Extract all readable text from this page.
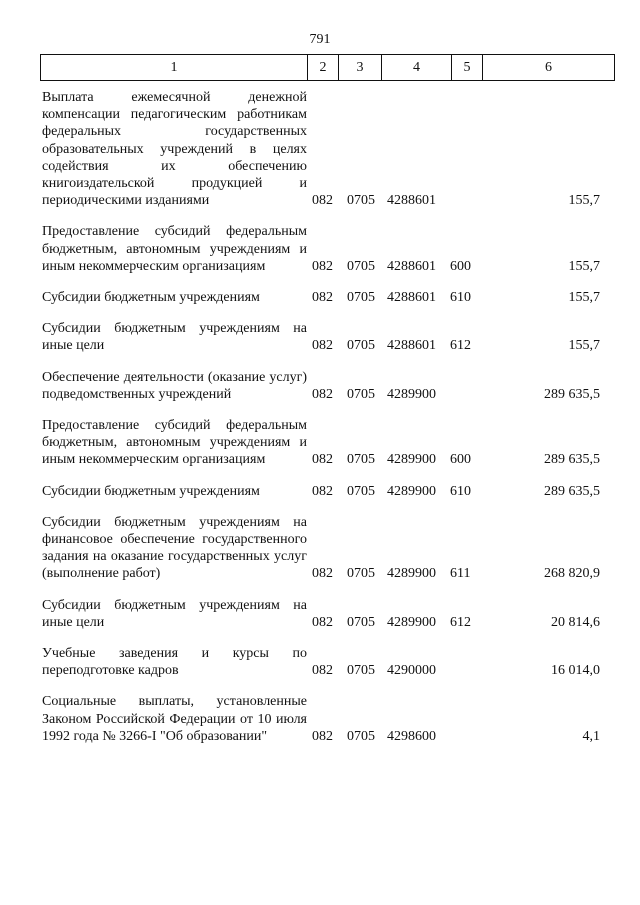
791
1	2	3	4	5	6
Выплата ежемесячной денежной компенсации педагогическим работникам федеральных государственных образовательных учреждений в целях содействия их обеспечению книгоиздательской продукцией и периодическими изданиями	082 0705 4288601	155,7
Предоставление субсидий федеральным бюджетным, автономным учреждениям и иным некоммерческим организациям	082 0705 4288601 600	155,7
Субсидии бюджетным учреждениям	082 0705 4288601 610	155,7
Субсидии бюджетным учреждениям на иные цели	082 0705 4288601 612	155,7
Обеспечение деятельности (оказание услуг) подведомственных учреждений	082 0705 4289900	289 635,5
Предоставление субсидий федеральным бюджетным, автономным учреждениям и иным некоммерческим организациям	082 0705 4289900 600	289 635,5
Субсидии бюджетным учреждениям	082 0705 4289900 610	289 635,5
Субсидии бюджетным учреждениям на финансовое обеспечение государственного задания на оказание государственных услуг (выполнение работ)	082 0705 4289900 611	268 820,9
Субсидии бюджетным учреждениям на иные цели	082 0705 4289900 612	20 814,6
Учебные заведения и курсы по переподготовке кадров	082 0705 4290000	16 014,0
Социальные выплаты, установленные Законом Российской Федерации от 10 июля 1992 года № 3266-I "Об образовании"	082 0705 4298600	4,1
